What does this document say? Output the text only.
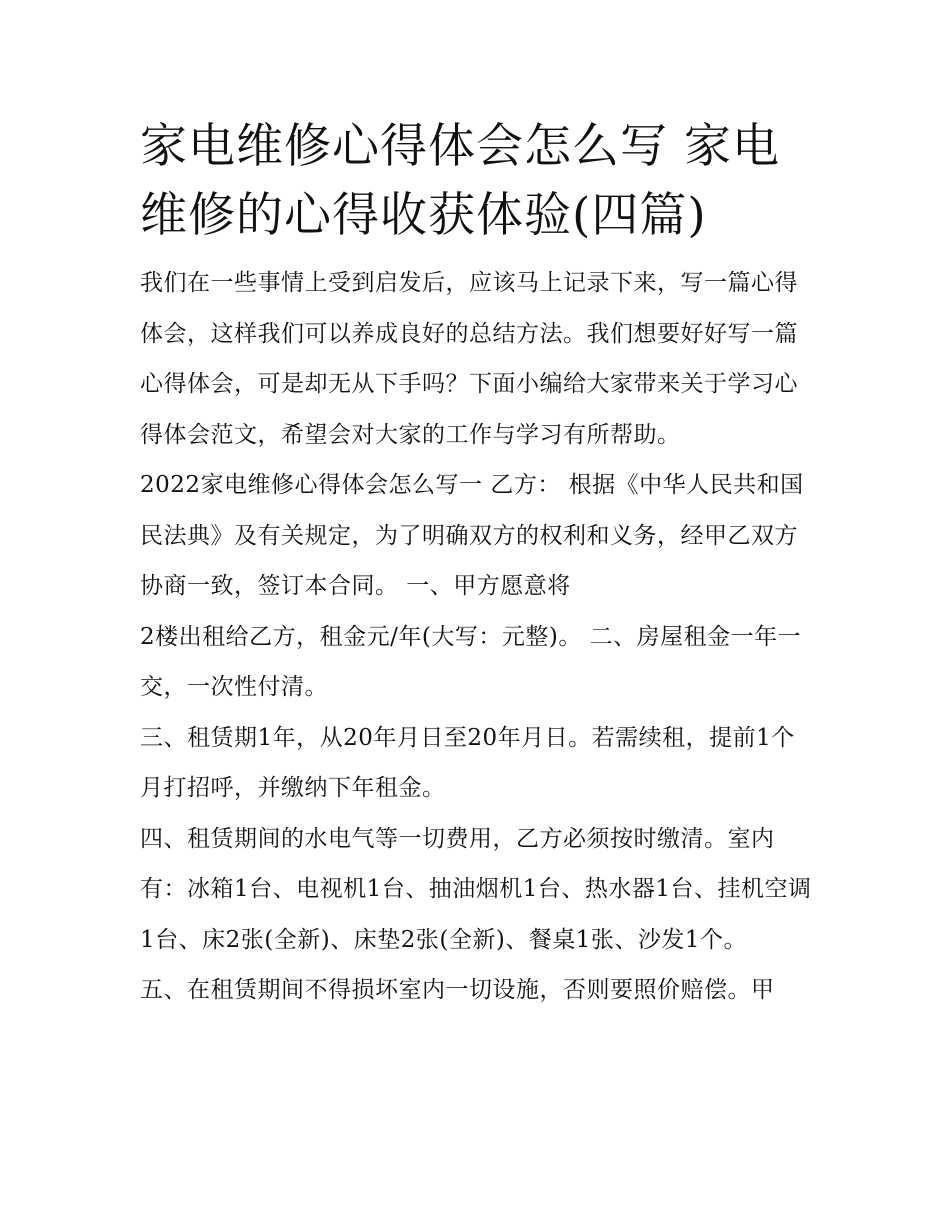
家电维修心得体会怎么写 家电维修的心得收获体验(四篇)

我们在一些事情上受到启发后，应该马上记录下来，写一篇心得体会，这样我们可以养成良好的总结方法。我们想要好好写一篇心得体会，可是却无从下手吗？下面小编给大家带来关于学习心得体会范文，希望会对大家的工作与学习有所帮助。

2022家电维修心得体会怎么写一 乙方： 根据《中华人民共和国民法典》及有关规定，为了明确双方的权利和义务，经甲乙双方协商一致，签订本合同。 一、甲方愿意将

2楼出租给乙方，租金元/年(大写：元整)。 二、房屋租金一年一交，一次性付清。

三、租赁期1年，从20年月日至20年月日。若需续租，提前1个月打招呼，并缴纳下年租金。

四、租赁期间的水电气等一切费用，乙方必须按时缴清。室内有：冰箱1台、电视机1台、抽油烟机1台、热水器1台、挂机空调1台、床2张(全新)、床垫2张(全新)、餐桌1张、沙发1个。

五、在租赁期间不得损坏室内一切设施，否则要照价赔偿。甲
